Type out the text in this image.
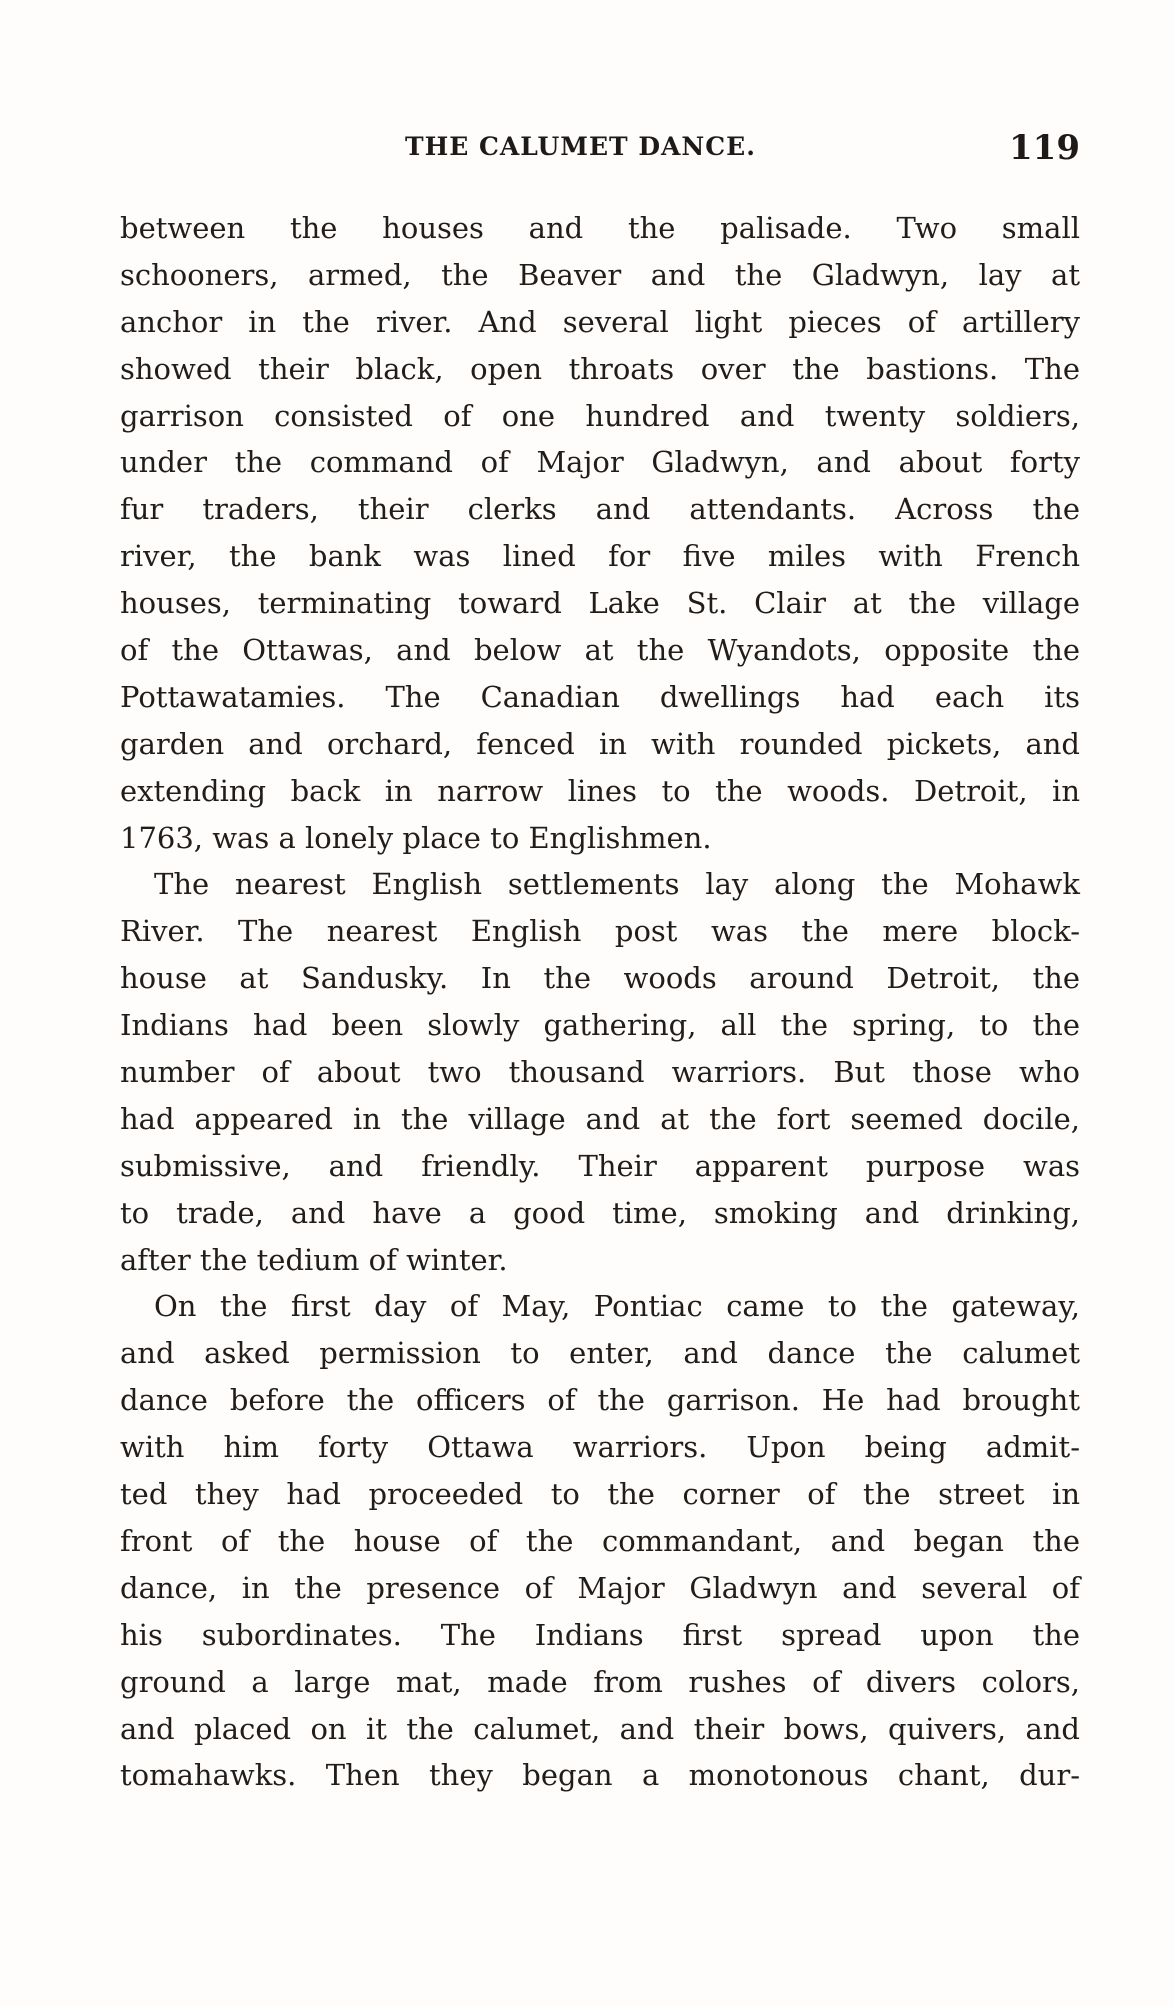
THE CALUMET DANCE.	119
between the houses and the palisade. Two small
schooners, armed, the Beaver and the Gladwyn, lay at
anchor in the river. And several light pieces of artillery
showed their black, open throats over the bastions. The
garrison consisted of one hundred and twenty soldiers,
under the command of Major Gladwyn, and about forty
fur traders, their clerks and attendants. Across the
river, the bank was lined for five miles with French
houses, terminating toward Lake St. Clair at the village
of the Ottawas, and below at the Wyandots, opposite the
Pottawatamies. The Canadian dwellings had each its
garden and orchard, fenced in with rounded pickets, and
extending back in narrow lines to the woods. Detroit, in
1763, was a lonely place to Englishmen.
The nearest English settlements lay along the Mohawk
River. The nearest English post was the mere block-
house at Sandusky. In the woods around Detroit, the
Indians had been slowly gathering, all the spring, to the
number of about two thousand warriors. But those who
had appeared in the village and at the fort seemed docile,
submissive, and friendly. Their apparent purpose was
to trade, and have a good time, smoking and drinking,
after the tedium of winter.
On the first day of May, Pontiac came to the gateway,
and asked permission to enter, and dance the calumet
dance before the officers of the garrison. He had brought
with him forty Ottawa warriors. Upon being admit-
ted they had proceeded to the corner of the street in
front of the house of the commandant, and began the
dance, in the presence of Major Gladwyn and several of
his subordinates. The Indians first spread upon the
ground a large mat, made from rushes of divers colors,
and placed on it the calumet, and their bows, quivers, and
tomahawks. Then they began a monotonous chant, dur-
